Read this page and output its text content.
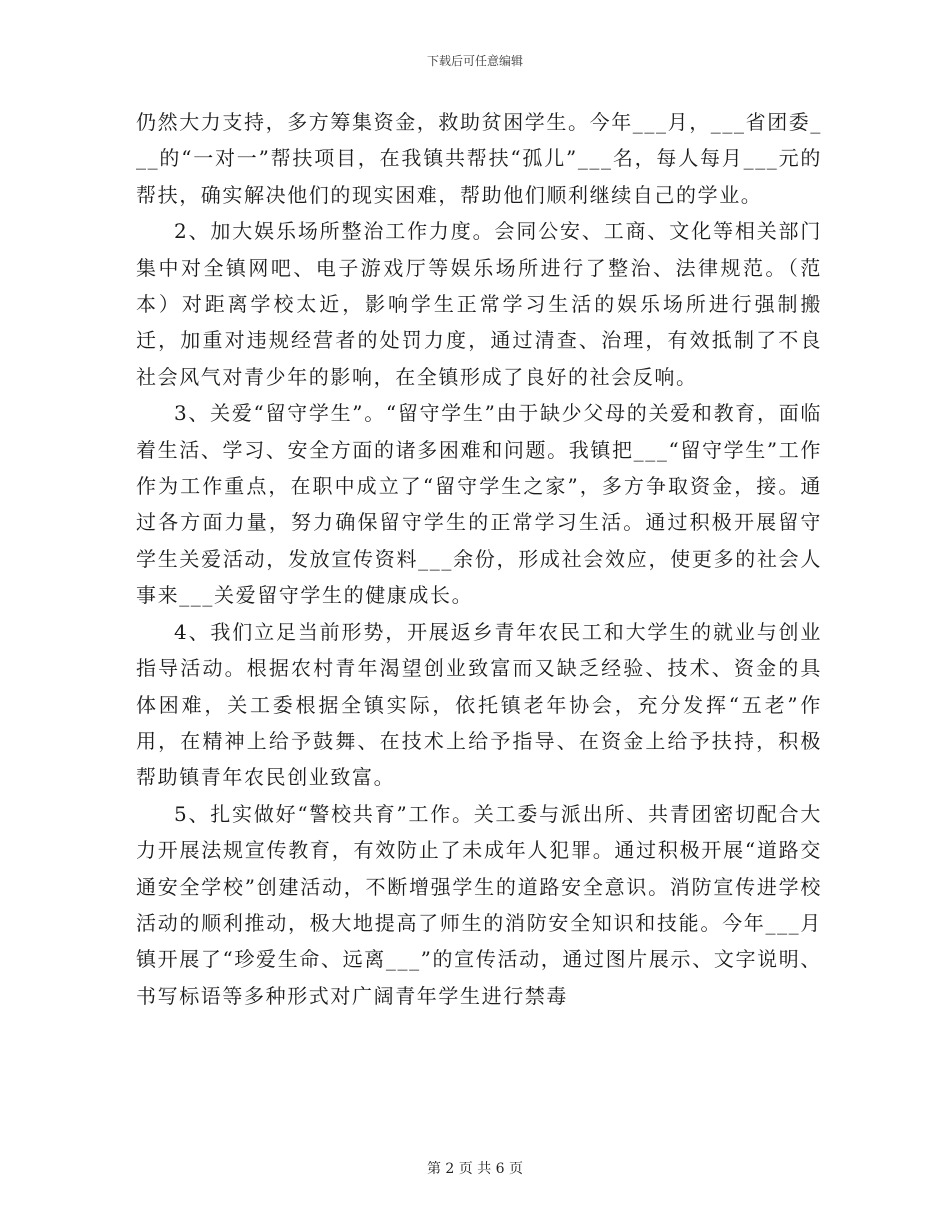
下载后可任意编辑

仍然大力支持，多方筹集资金，救助贫困学生。今年___月，___省团委___的“一对一”帮扶项目，在我镇共帮扶“孤儿”___名，每人每月___元的帮扶，确实解决他们的现实困难，帮助他们顺利继续自己的学业。

2、加大娱乐场所整治工作力度。会同公安、工商、文化等相关部门集中对全镇网吧、电子游戏厅等娱乐场所进行了整治、法律规范。（范本）对距离学校太近，影响学生正常学习生活的娱乐场所进行强制搬迁，加重对违规经营者的处罚力度，通过清查、治理，有效抵制了不良社会风气对青少年的影响，在全镇形成了良好的社会反响。

3、关爱“留守学生”。“留守学生”由于缺少父母的关爱和教育，面临着生活、学习、安全方面的诸多困难和问题。我镇把___“留守学生”工作作为工作重点，在职中成立了“留守学生之家”，多方争取资金，接。通过各方面力量，努力确保留守学生的正常学习生活。通过积极开展留守学生关爱活动，发放宣传资料___余份，形成社会效应，使更多的社会人事来___关爱留守学生的健康成长。

4、我们立足当前形势，开展返乡青年农民工和大学生的就业与创业指导活动。根据农村青年渴望创业致富而又缺乏经验、技术、资金的具体困难，关工委根据全镇实际，依托镇老年协会，充分发挥“五老”作用，在精神上给予鼓舞、在技术上给予指导、在资金上给予扶持，积极帮助镇青年农民创业致富。

5、扎实做好“警校共育”工作。关工委与派出所、共青团密切配合大力开展法规宣传教育，有效防止了未成年人犯罪。通过积极开展“道路交通安全学校”创建活动，不断增强学生的道路安全意识。消防宣传进学校活动的顺利推动，极大地提高了师生的消防安全知识和技能。今年___月镇开展了“珍爱生命、远离___”的宣传活动，通过图片展示、文字说明、书写标语等多种形式对广阔青年学生进行禁毒

第 2 页 共 6 页
